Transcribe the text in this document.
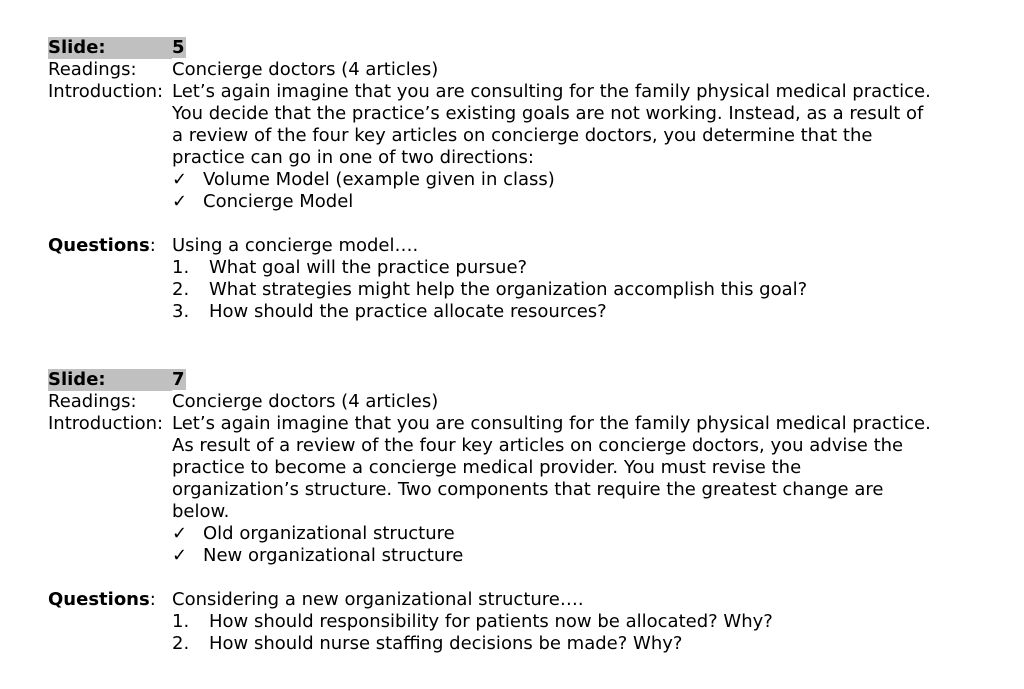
Slide:	5
Readings:	Concierge doctors (4 articles)
Introduction: Let’s again imagine that you are consulting for the family physical medical practice.
You decide that the practice’s existing goals are not working. Instead, as a result of
a review of the four key articles on concierge doctors, you determine that the
practice can go in one of two directions:
✓ Volume Model (example given in class)
✓ Concierge Model
Questions: Using a concierge model….
1. What goal will the practice pursue?
2. What strategies might help the organization accomplish this goal?
3. How should the practice allocate resources?
Slide:	7
Readings:	Concierge doctors (4 articles)
Introduction: Let’s again imagine that you are consulting for the family physical medical practice.
As result of a review of the four key articles on concierge doctors, you advise the
practice to become a concierge medical provider. You must revise the
organization’s structure. Two components that require the greatest change are
below.
✓ Old organizational structure
✓ New organizational structure
Questions: Considering a new organizational structure….
1. How should responsibility for patients now be allocated? Why?
2. How should nurse staffing decisions be made? Why?
